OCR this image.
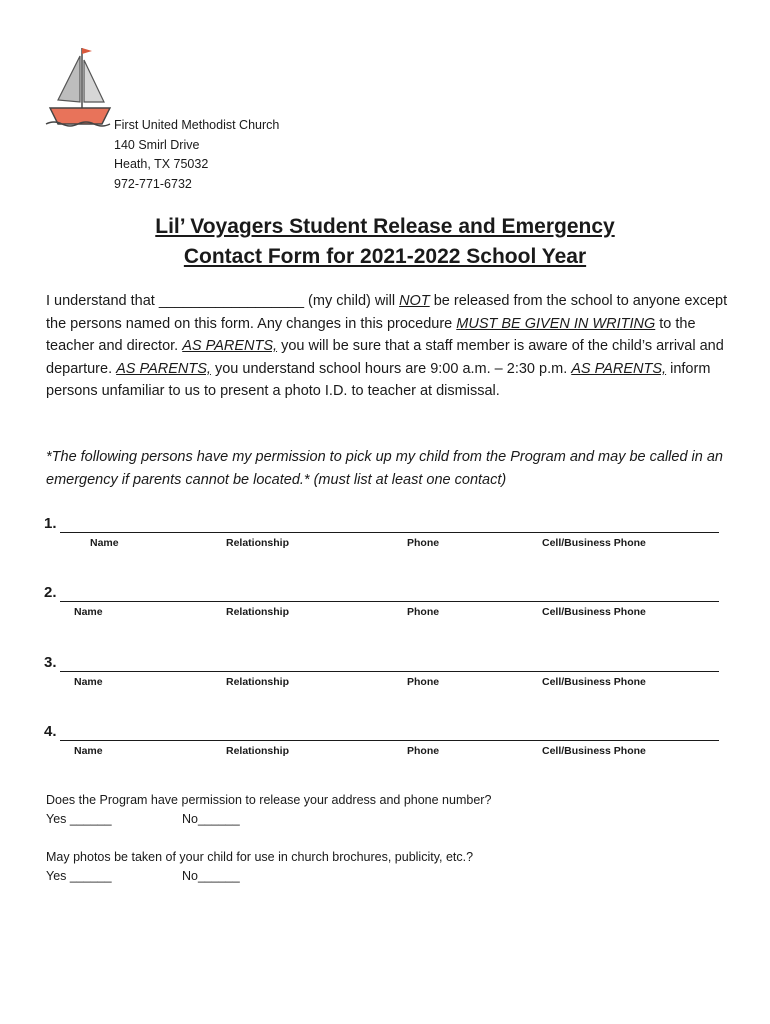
First United Methodist Church
140 Smirl Drive
Heath, TX 75032
972-771-6732
Lil’ Voyagers Student Release and Emergency
Contact Form for 2021-2022 School Year

I understand that __________________ (my child) will NOT be released from the school to anyone except the persons named on this form. Any changes in this procedure MUST BE GIVEN IN WRITING to the teacher and director. AS PARENTS, you will be sure that a staff member is aware of the child’s arrival and departure. AS PARENTS, you understand school hours are 9:00 a.m. – 2:30 p.m. AS PARENTS, inform persons unfamiliar to us to present a photo I.D. to teacher at dismissal.

*The following persons have my permission to pick up my child from the Program and may be called in an emergency if parents cannot be located.* (must list at least one contact)
1.
Name	Relationship	Phone	Cell/Business Phone
2.
Name	Relationship	Phone	Cell/Business Phone
3.
Name	Relationship	Phone	Cell/Business Phone
4.
Name	Relationship	Phone	Cell/Business Phone
Does the Program have permission to release your address and phone number?
Yes ______	No______
May photos be taken of your child for use in church brochures, publicity, etc.?
Yes ______	No______
